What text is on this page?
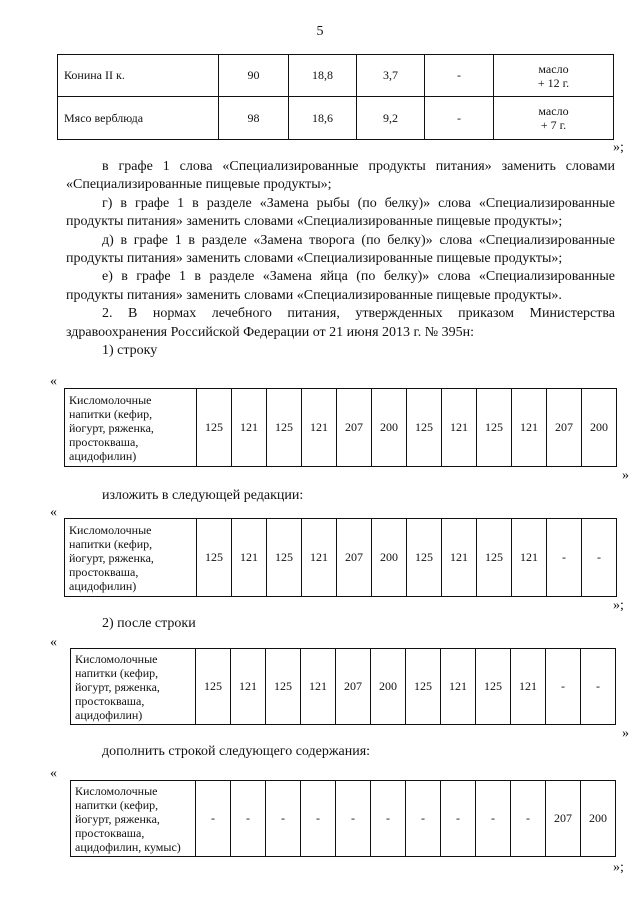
5
Конина II к.	90	18,8	3,7	-	масло
+ 12 г.

Мясо верблюда	98	18,6	9,2	-	масло
+ 7 г.
»;

в графе 1 слова «Специализированные продукты питания» заменить словами «Специализированные пищевые продукты»;

г) в графе 1 в разделе «Замена рыбы (по белку)» слова «Специализированные продукты питания» заменить словами «Специализированные пищевые продукты»;

д) в графе 1 в разделе «Замена творога (по белку)» слова «Специализированные продукты питания» заменить словами «Специализированные пищевые продукты»;

е) в графе 1 в разделе «Замена яйца (по белку)» слова «Специализированные продукты питания» заменить словами «Специализированные пищевые продукты».

2. В нормах лечебного питания, утвержденных приказом Министерства здравоохранения Российской Федерации от 21 июня 2013 г. № 395н:

1) строку

«
Кисломолочные
напитки (кефир,
йогурт, ряженка,
простокваша,
ацидофилин)
	125	121	125	121	207	200	125	121	125	121	207	200
»

изложить в следующей редакции:

«
Кисломолочные
напитки (кефир,
йогурт, ряженка,
простокваша,
ацидофилин)
	125	121	125	121	207	200	125	121	125	121	-	-
»;

2) после строки

«
Кисломолочные
напитки (кефир,
йогурт, ряженка,
простокваша,
ацидофилин)
	125	121	125	121	207	200	125	121	125	121	-	-
»

дополнить строкой следующего содержания:

«
Кисломолочные
напитки (кефир,
йогурт, ряженка,
простокваша,
ацидофилин, кумыс)
	-	-	-	-	-	-	-	-	-	-	207	200
»;
